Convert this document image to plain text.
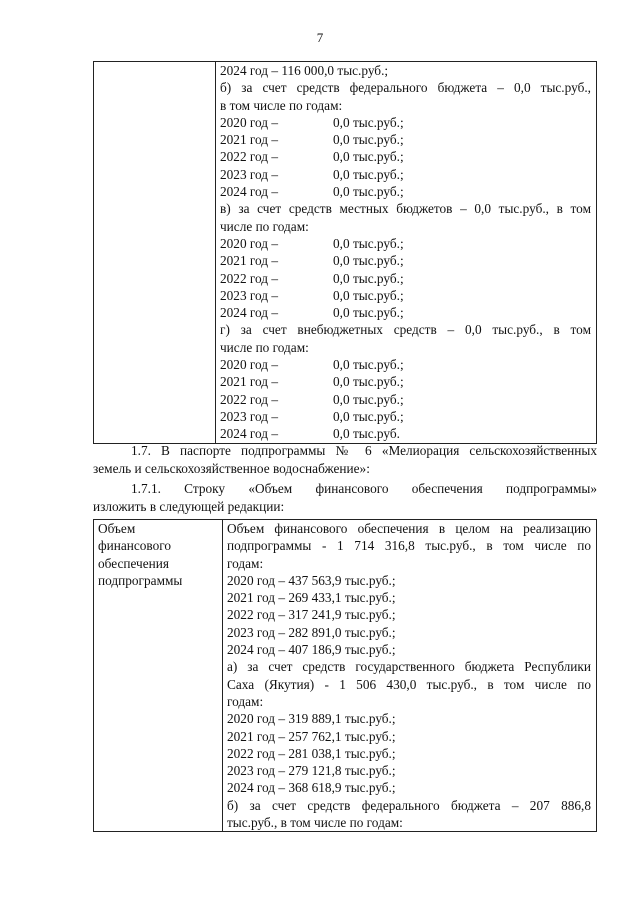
7

2024 год – 116 000,0 тыс.руб.;
б) за счет средств федерального бюджета – 0,0 тыс.руб.,
в том числе по годам:
2020 год –	0,0 тыс.руб.;
2021 год –	0,0 тыс.руб.;
2022 год –	0,0 тыс.руб.;
2023 год –	0,0 тыс.руб.;
2024 год –	0,0 тыс.руб.;
в) за счет средств местных бюджетов – 0,0 тыс.руб., в том
числе по годам:
2020 год –	0,0 тыс.руб.;
2021 год –	0,0 тыс.руб.;
2022 год –	0,0 тыс.руб.;
2023 год –	0,0 тыс.руб.;
2024 год –	0,0 тыс.руб.;
г) за счет внебюджетных средств – 0,0 тыс.руб., в том
числе по годам:
2020 год –	0,0 тыс.руб.;
2021 год –	0,0 тыс.руб.;
2022 год –	0,0 тыс.руб.;
2023 год –	0,0 тыс.руб.;
2024 год –	0,0 тыс.руб.
1.7. В паспорте подпрограммы № 6 «Мелиорация сельскохозяйственных
земель и сельскохозяйственное водоснабжение»:
1.7.1. Строку «Объем финансового обеспечения подпрограммы»
изложить в следующей редакции:
Объем
финансового
обеспечения
подпрограммы

Объем финансового обеспечения в целом на реализацию
подпрограммы - 1 714 316,8 тыс.руб., в том числе по
годам:
2020 год – 437 563,9 тыс.руб.;
2021 год – 269 433,1 тыс.руб.;
2022 год – 317 241,9 тыс.руб.;
2023 год – 282 891,0 тыс.руб.;
2024 год – 407 186,9 тыс.руб.;
а) за счет средств государственного бюджета Республики
Саха (Якутия) - 1 506 430,0 тыс.руб., в том числе по
годам:
2020 год – 319 889,1 тыс.руб.;
2021 год – 257 762,1 тыс.руб.;
2022 год – 281 038,1 тыс.руб.;
2023 год – 279 121,8 тыс.руб.;
2024 год – 368 618,9 тыс.руб.;
б) за счет средств федерального бюджета – 207 886,8
тыс.руб., в том числе по годам:
